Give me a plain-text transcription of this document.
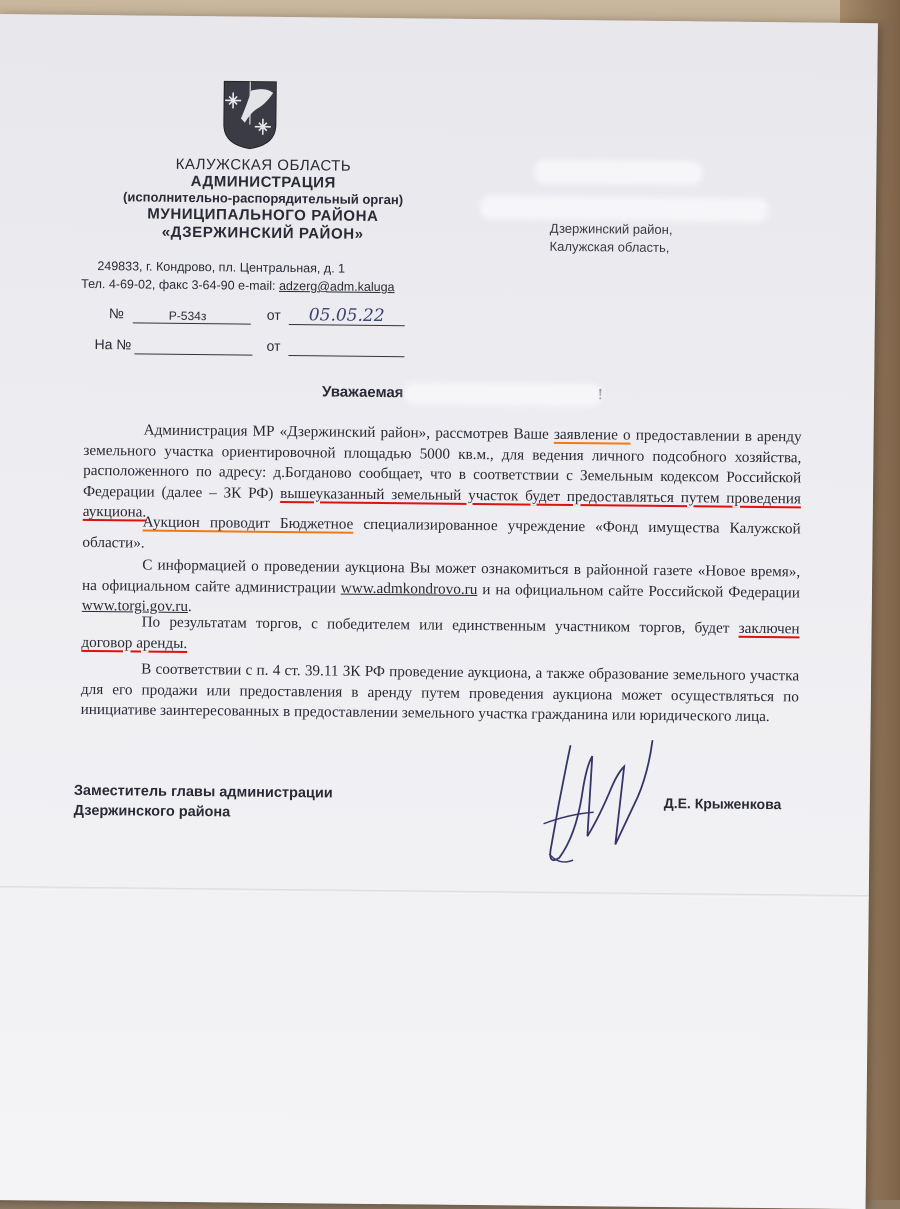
КАЛУЖСКАЯ ОБЛАСТЬ
АДМИНИСТРАЦИЯ
(исполнительно-распорядительный орган)
МУНИЦИПАЛЬНОГО РАЙОНА
«ДЗЕРЖИНСКИЙ РАЙОН»
249833, г. Кондрово, пл. Центральная, д. 1
Тел. 4-69-02, факс 3-64-90 e-mail: adzerg@adm.kaluga
№	Р-534з	от 05.05.22
На №	от
Дзержинский район,
Калужская область,
Уважаемая	!
Администрация МР «Дзержинский район», рассмотрев Ваше заявление о предоставлении в аренду земельного участка ориентировочной площадью 5000 кв.м., для ведения личного подсобного хозяйства, расположенного по адресу: д.Богданово сообщает, что в соответствии с Земельным кодексом Российской Федерации (далее – ЗК РФ) вышеуказанный земельный участок будет предоставляться путем проведения аукциона.
Аукцион проводит Бюджетное специализированное учреждение «Фонд имущества Калужской области».
С информацией о проведении аукциона Вы может ознакомиться в районной газете «Новое время», на официальном сайте администрации www.admkondrovo.ru и на официальном сайте Российской Федерации www.torgi.gov.ru.
По результатам торгов, с победителем или единственным участником торгов, будет заключен договор аренды.
В соответствии с п. 4 ст. 39.11 ЗК РФ проведение аукциона, а также образование земельного участка для его продажи или предоставления в аренду путем проведения аукциона может осуществляться по инициативе заинтересованных в предоставлении земельного участка гражданина или юридического лица.
Заместитель главы администрации
Дзержинского района	Д.Е. Крыженкова
